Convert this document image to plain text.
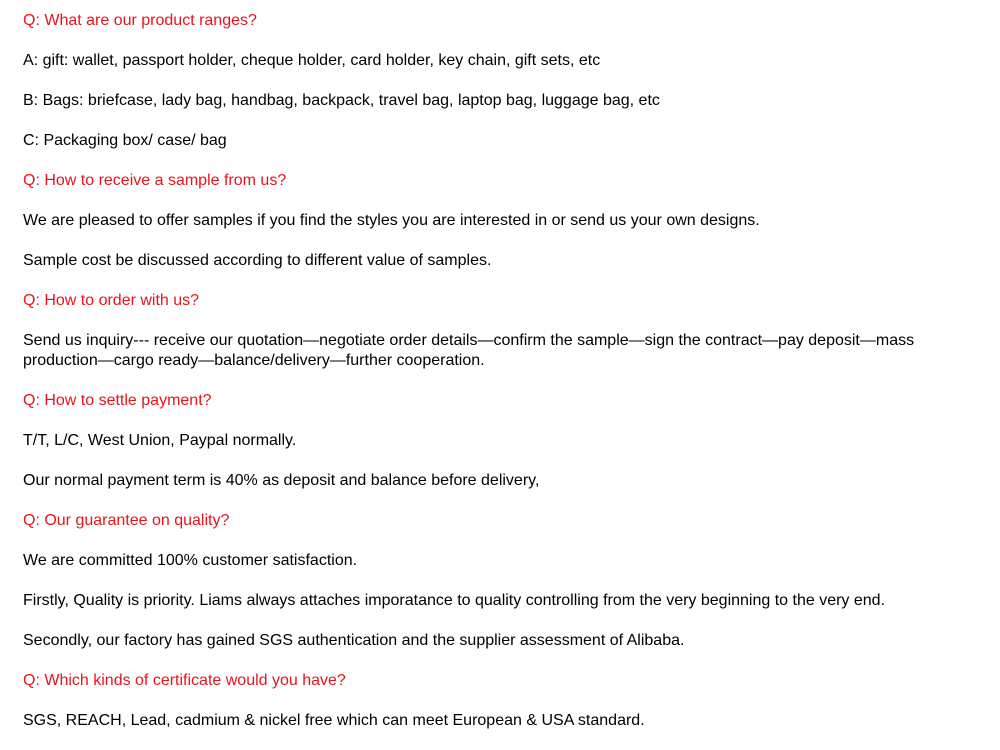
Q: What are our product ranges?

A: gift: wallet, passport holder, cheque holder, card holder, key chain, gift sets, etc

B: Bags: briefcase, lady bag, handbag, backpack, travel bag, laptop bag, luggage bag, etc

C: Packaging box/ case/ bag

Q: How to receive a sample from us?

We are pleased to offer samples if you find the styles you are interested in or send us your own designs.

Sample cost be discussed according to different value of samples.

Q: How to order with us?

Send us inquiry--- receive our quotation—negotiate order details—confirm the sample—sign the contract—pay deposit—mass production—cargo ready—balance/delivery—further cooperation.

Q: How to settle payment?

T/T, L/C, West Union, Paypal normally.

Our normal payment term is 40% as deposit and balance before delivery,

Q: Our guarantee on quality?

We are committed 100% customer satisfaction.

Firstly, Quality is priority. Liams always attaches imporatance to quality controlling from the very beginning to the very end.

Secondly, our factory has gained SGS authentication and the supplier assessment of Alibaba.

Q: Which kinds of certificate would you have?

SGS, REACH, Lead, cadmium & nickel free which can meet European & USA standard.
